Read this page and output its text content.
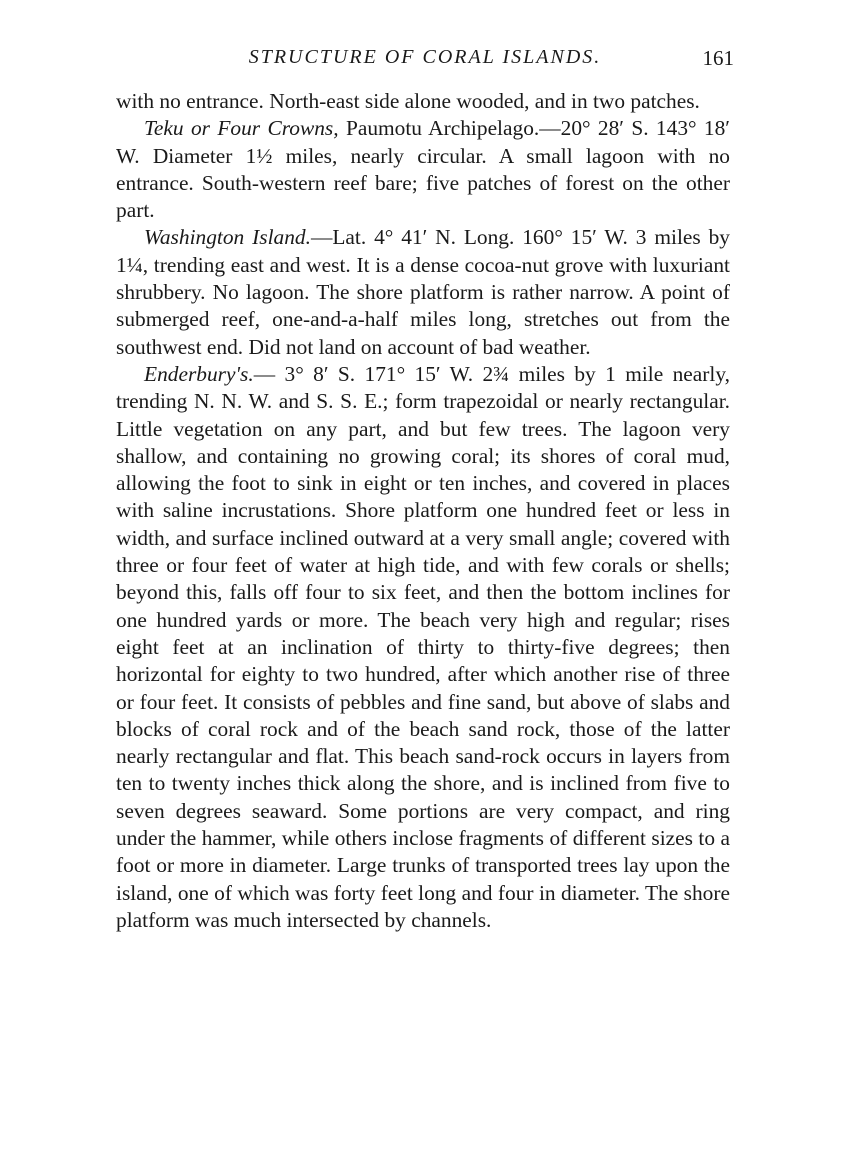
STRUCTURE OF CORAL ISLANDS.	161

with no entrance. North-east side alone wooded, and in two patches.

Teku or Four Crowns, Paumotu Archipelago.—20° 28′ S. 143° 18′ W. Diameter 1½ miles, nearly circular. A small lagoon with no entrance. South-western reef bare; five patches of forest on the other part.

Washington Island.—Lat. 4° 41′ N. Long. 160° 15′ W. 3 miles by 1¼, trending east and west. It is a dense cocoa-nut grove with luxuriant shrubbery. No lagoon. The shore platform is rather narrow. A point of submerged reef, one-and-a-half miles long, stretches out from the southwest end. Did not land on account of bad weather.

Enderbury's.— 3° 8′ S. 171° 15′ W. 2¾ miles by 1 mile nearly, trending N. N. W. and S. S. E.; form trapezoidal or nearly rectangular. Little vegetation on any part, and but few trees. The lagoon very shallow, and containing no growing coral; its shores of coral mud, allowing the foot to sink in eight or ten inches, and covered in places with saline incrustations. Shore platform one hundred feet or less in width, and surface inclined outward at a very small angle; covered with three or four feet of water at high tide, and with few corals or shells; beyond this, falls off four to six feet, and then the bottom inclines for one hundred yards or more. The beach very high and regular; rises eight feet at an inclination of thirty to thirty-five degrees; then horizontal for eighty to two hundred, after which another rise of three or four feet. It consists of pebbles and fine sand, but above of slabs and blocks of coral rock and of the beach sand rock, those of the latter nearly rectangular and flat. This beach sand-rock occurs in layers from ten to twenty inches thick along the shore, and is inclined from five to seven degrees seaward. Some portions are very compact, and ring under the hammer, while others inclose fragments of different sizes to a foot or more in diameter. Large trunks of transported trees lay upon the island, one of which was forty feet long and four in diameter. The shore platform was much intersected by channels.
